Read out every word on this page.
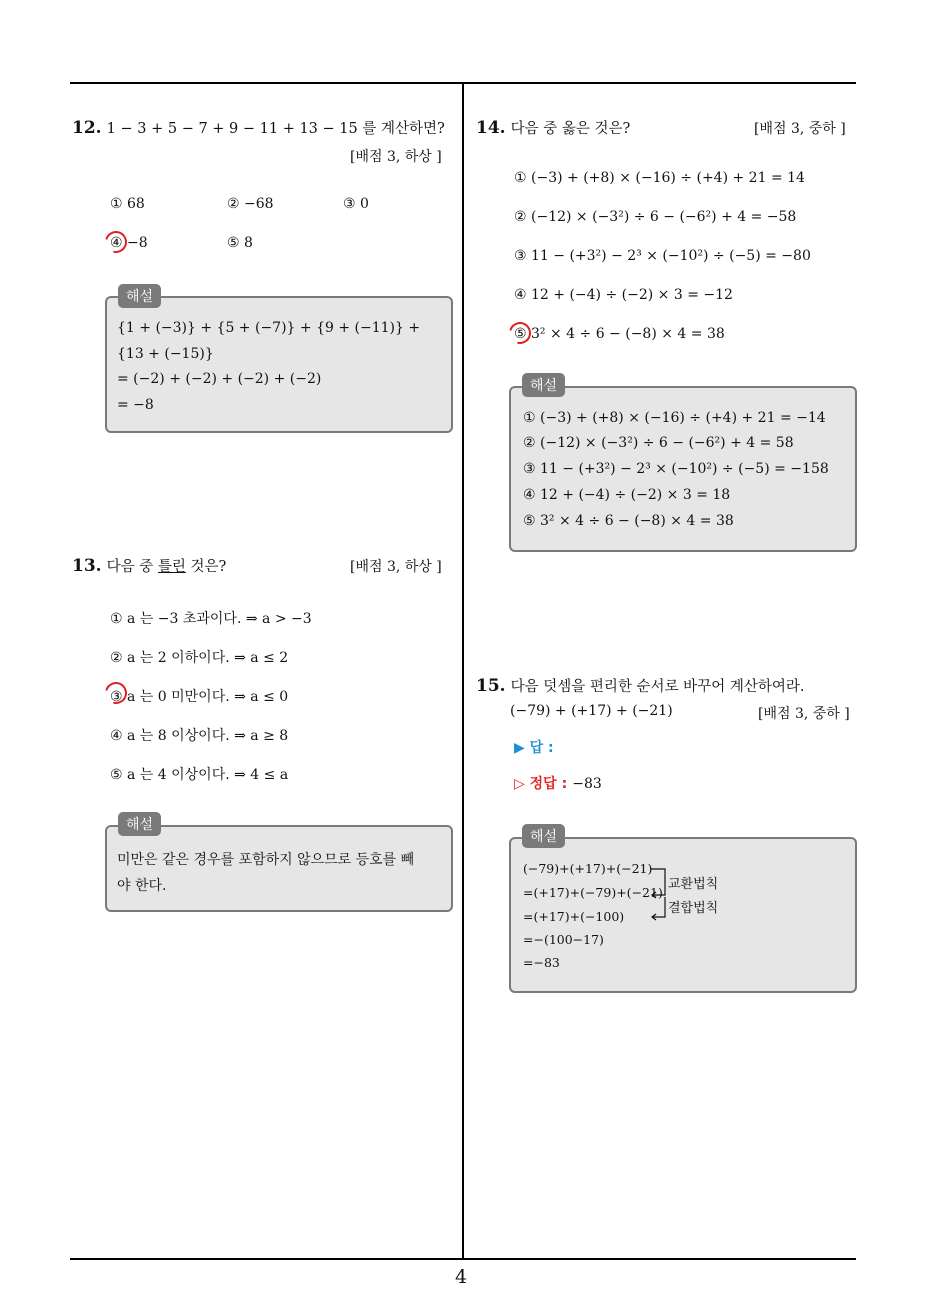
4
12. 1 − 3 + 5 − 7 + 9 − 11 + 13 − 15 를 계산하면?
[배점 3, 하상 ]
① 68	② −68	③ 0
④ −8	⑤ 8
{1 + (−3)} + {5 + (−7)} + {9 + (−11)} +
{13 + (−15)}
= (−2) + (−2) + (−2) + (−2)
= −8
해설
13. 다음 중 틀린 것은?	[배점 3, 하상 ]
① a 는 −3 초과이다. ⇒ a > −3
② a 는 2 이하이다. ⇒ a ≤ 2
③ a 는 0 미만이다. ⇒ a ≤ 0
④ a 는 8 이상이다. ⇒ a ≥ 8
⑤ a 는 4 이상이다. ⇒ 4 ≤ a
미만은 같은 경우를 포함하지 않으므로 등호를 빼
야 한다.
해설
14. 다음 중 옳은 것은?	[배점 3, 중하 ]
① (−3) + (+8) × (−16) ÷ (+4) + 21 = 14
② (−12) × (−3²) ÷ 6 − (−6²) + 4 = −58
③ 11 − (+3²) − 2³ × (−10²) ÷ (−5) = −80
④ 12 + (−4) ÷ (−2) × 3 = −12
⑤ 3² × 4 ÷ 6 − (−8) × 4 = 38
① (−3) + (+8) × (−16) ÷ (+4) + 21 = −14
② (−12) × (−3²) ÷ 6 − (−6²) + 4 = 58
③ 11 − (+3²) − 2³ × (−10²) ÷ (−5) = −158
④ 12 + (−4) ÷ (−2) × 3 = 18
⑤ 3² × 4 ÷ 6 − (−8) × 4 = 38
해설
15. 다음 덧셈을 편리한 순서로 바꾸어 계산하여라.
(−79) + (+17) + (−21)	[배점 3, 중하 ]
▶ 답 :
▷ 정답 : −83
(−79)+(+17)+(−21)
=(+17)+(−79)+(−21)
=(+17)+(−100)
=−(100−17)
=−83
교환법칙
결합법칙
해설
